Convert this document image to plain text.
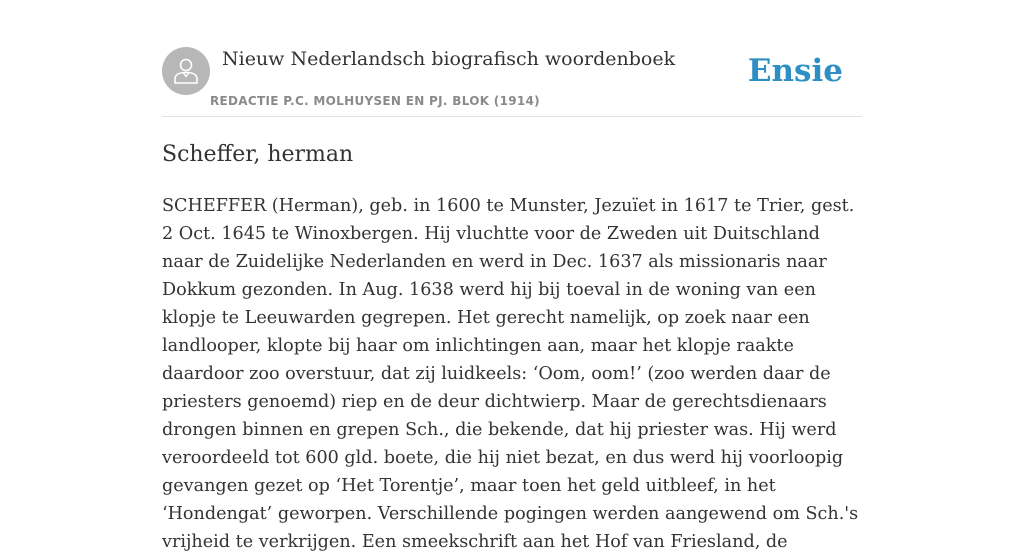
Nieuw Nederlandsch biografisch woordenboek
REDACTIE P.C. MOLHUYSEN EN PJ. BLOK (1914)
Ensie
Scheffer, herman

SCHEFFER (Herman), geb. in 1600 te Munster, Jezuïet in 1617 te Trier, gest. 2 Oct. 1645 te Winoxbergen. Hij vluchtte voor de Zweden uit Duitschland naar de Zuidelijke Nederlanden en werd in Dec. 1637 als missionaris naar Dokkum gezonden. In Aug. 1638 werd hij bij toeval in de woning van een klopje te Leeuwarden gegrepen. Het gerecht namelijk, op zoek naar een landlooper, klopte bij haar om inlichtingen aan, maar het klopje raakte daardoor zoo overstuur, dat zij luidkeels: ‘Oom, oom!’ (zoo werden daar de priesters genoemd) riep en de deur dichtwierp. Maar de gerechtsdienaars drongen binnen en grepen Sch., die bekende, dat hij priester was. Hij werd veroordeeld tot 600 gld. boete, die hij niet bezat, en dus werd hij voorloopig gevangen gezet op ‘Het Torentje’, maar toen het geld uitbleef, in het ‘Hondengat’ geworpen. Verschillende pogingen werden aangewend om Sch.'s vrijheid te verkrijgen. Een smeekschrift aan het Hof van Friesland, de
